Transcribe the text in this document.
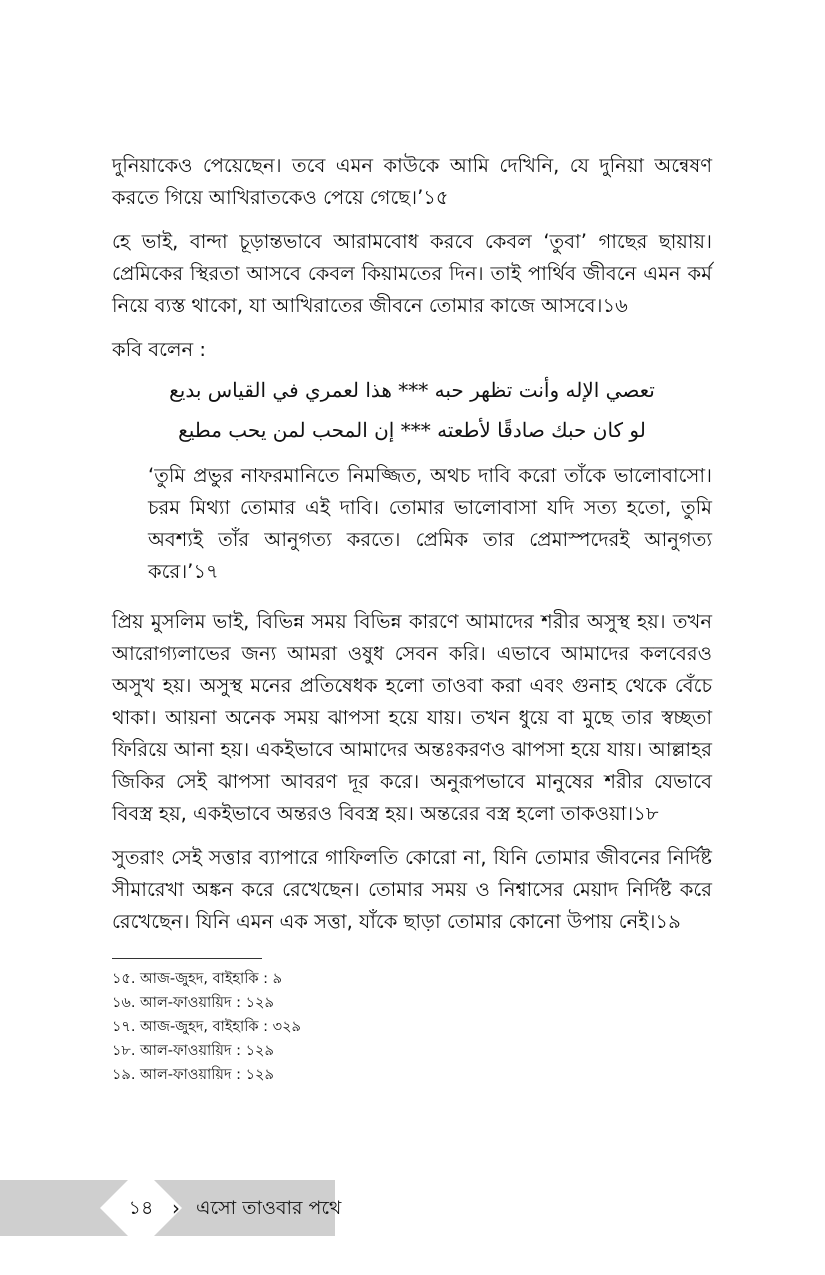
দুনিয়াকেও পেয়েছেন। তবে এমন কাউকে আমি দেখিনি, যে দুনিয়া অন্বেষণ করতে গিয়ে আখিরাতকেও পেয়ে গেছে।’১৫

হে ভাই, বান্দা চূড়ান্তভাবে আরামবোধ করবে কেবল ‘তুবা’ গাছের ছায়ায়। প্রেমিকের স্থিরতা আসবে কেবল কিয়ামতের দিন। তাই পার্থিব জীবনে এমন কর্ম নিয়ে ব্যস্ত থাকো, যা আখিরাতের জীবনে তোমার কাজে আসবে।১৬

কবি বলেন :

تعصي الإله وأنت تظهر حبه *** هذا لعمري في القياس بديع
لو كان حبك صادقًا لأطعته *** إن المحب لمن يحب مطيع

‘তুমি প্রভুর নাফরমানিতে নিমজ্জিত, অথচ দাবি করো তাঁকে ভালোবাসো। চরম মিথ্যা তোমার এই দাবি। তোমার ভালোবাসা যদি সত্য হতো, তুমি অবশ্যই তাঁর আনুগত্য করতে। প্রেমিক তার প্রেমাস্পদেরই আনুগত্য করে।’১৭

প্রিয় মুসলিম ভাই, বিভিন্ন সময় বিভিন্ন কারণে আমাদের শরীর অসুস্থ হয়। তখন আরোগ্যলাভের জন্য আমরা ওষুধ সেবন করি। এভাবে আমাদের কলবেরও অসুখ হয়। অসুস্থ মনের প্রতিষেধক হলো তাওবা করা এবং গুনাহ থেকে বেঁচে থাকা। আয়না অনেক সময় ঝাপসা হয়ে যায়। তখন ধুয়ে বা মুছে তার স্বচ্ছতা ফিরিয়ে আনা হয়। একইভাবে আমাদের অন্তঃকরণও ঝাপসা হয়ে যায়। আল্লাহর জিকির সেই ঝাপসা আবরণ দূর করে। অনুরূপভাবে মানুষের শরীর যেভাবে বিবস্ত্র হয়, একইভাবে অন্তরও বিবস্ত্র হয়। অন্তরের বস্ত্র হলো তাকওয়া।১৮

সুতরাং সেই সত্তার ব্যাপারে গাফিলতি কোরো না, যিনি তোমার জীবনের নির্দিষ্ট সীমারেখা অঙ্কন করে রেখেছেন। তোমার সময় ও নিশ্বাসের মেয়াদ নির্দিষ্ট করে রেখেছেন। যিনি এমন এক সত্তা, যাঁকে ছাড়া তোমার কোনো উপায় নেই।১৯

১৫. আজ-জুহদ, বাইহাকি : ৯
১৬. আল-ফাওয়ায়িদ : ১২৯
১৭. আজ-জুহদ, বাইহাকি : ৩২৯
১৮. আল-ফাওয়ায়িদ : ১২৯
১৯. আল-ফাওয়ায়িদ : ১২৯
১৪ › এসো তাওবার পথে
